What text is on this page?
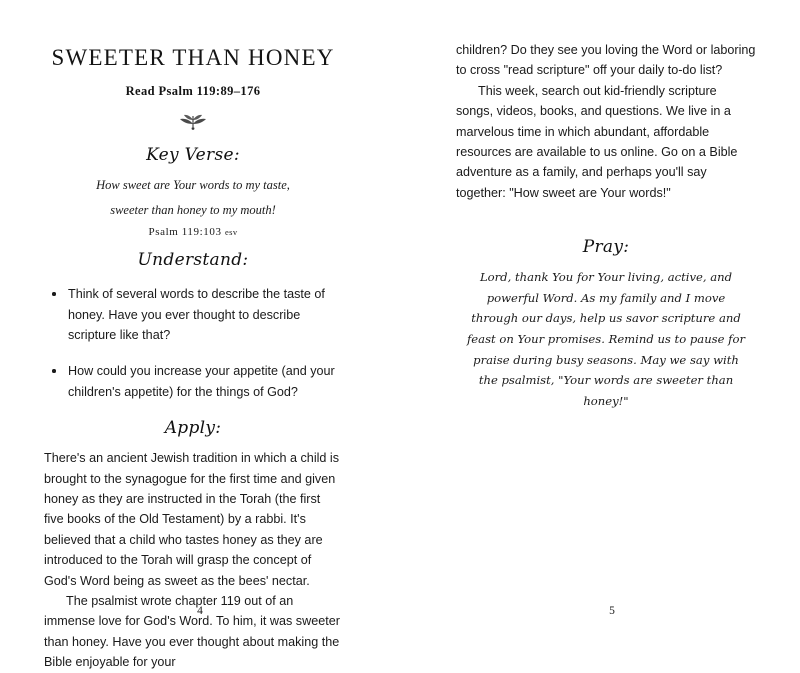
SWEETER THAN HONEY
Read Psalm 119:89–176
Key Verse:
How sweet are Your words to my taste,
sweeter than honey to my mouth!
Psalm 119:103 esv
Understand:
Think of several words to describe the taste of honey. Have you ever thought to describe scripture like that?
How could you increase your appetite (and your children's appetite) for the things of God?
Apply:

There's an ancient Jewish tradition in which a child is brought to the synagogue for the first time and given honey as they are instructed in the Torah (the first five books of the Old Testament) by a rabbi. It's believed that a child who tastes honey as they are introduced to the Torah will grasp the concept of God's Word being as sweet as the bees' nectar.

The psalmist wrote chapter 119 out of an immense love for God's Word. To him, it was sweeter than honey. Have you ever thought about making the Bible enjoyable for your

4

children? Do they see you loving the Word or laboring to cross "read scripture" off your daily to-do list?

This week, search out kid-friendly scripture songs, videos, books, and questions. We live in a marvelous time in which abundant, affordable resources are available to us online. Go on a Bible adventure as a family, and perhaps you'll say together: "How sweet are Your words!"

Pray:
Lord, thank You for Your living, active, and powerful Word. As my family and I move through our days, help us savor scripture and feast on Your promises. Remind us to pause for praise during busy seasons. May we say with the psalmist, "Your words are sweeter than honey!"
5
